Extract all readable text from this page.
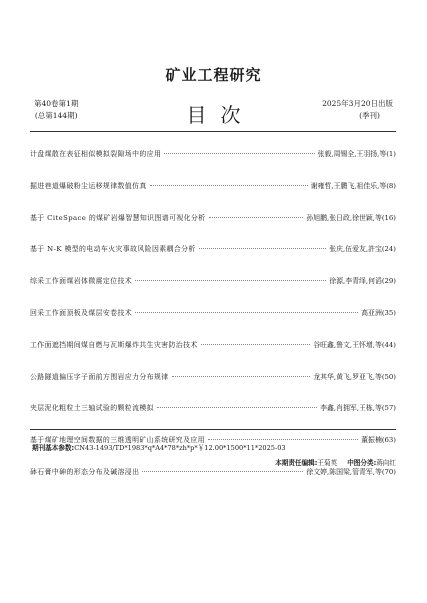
矿业工程研究
第40卷第1期
(总第144期)	目次	2025年3月20日出版
(季刊)
计盘煤散在表征相似模拟裂隙场中的应用	张毅,周锡全,王羽扬,等(1)
掘进巷道爆破粉尘运移规律数值仿真	谢雍哲,王鹏飞,祖佳乐,等(8)
基于 CiteSpace 的煤矿岩爆智慧知识图谱可视化分析	孙旭鹏,张日政,徐世颖,等(16)
基于 N-K 模型的电动车火灾事故风险因素耦合分析	张庆,伍爱友,許宝(24)
综采工作面煤岩体微震定位技术	徐源,李青绎,何滔(29)
回采工作面顶板及煤层安卷技术	高亚洲(35)
工作面遮挡期间煤自燃与瓦斯爆炸共生灾害防治技术	谷旺鑫,鲁文,王怀增,等(44)
公路隧道偏压字子面前方围岩应力分布规律	龙其华,黄飞,罗亚飞,等(50)
夹层泥化粗粒土三轴试验的颗粒流模拟	李鑫,肖拥军,王栋,等(57)
基于煤矿地理空间数据的三维透明矿山系统研究及应用	董振楠(63)
砵石膏中砷的形态分布及碱溶浸出	徐文婷,陈国梁,管青军,等(70)
期刊基本参数:CN43-1493/TD*1983*q*A4*78*zh*p*￥12.00*1500*11*2025-03
本期责任编辑:王菊英 中图分类:蒋向红
